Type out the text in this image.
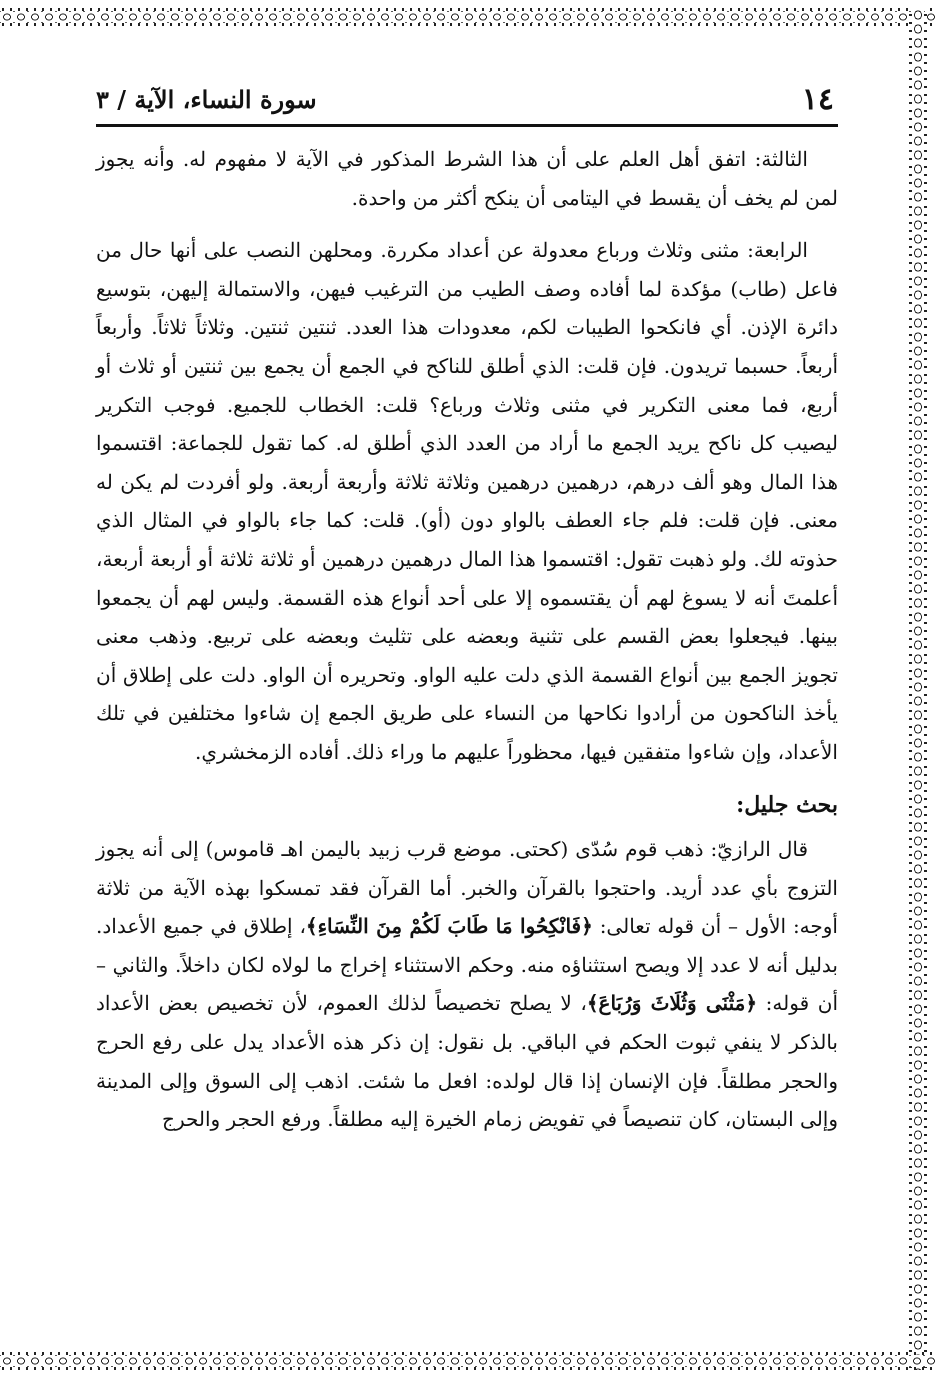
١٤
سورة النساء، الآية / ٣

الثالثة: اتفق أهل العلم على أن هذا الشرط المذكور في الآية لا مفهوم له. وأنه يجوز لمن لم يخف أن يقسط في اليتامى أن ينكح أكثر من واحدة.

الرابعة: مثنى وثلاث ورباع معدولة عن أعداد مكررة. ومحلهن النصب على أنها حال من فاعل (طاب) مؤكدة لما أفاده وصف الطيب من الترغيب فيهن، والاستمالة إليهن، بتوسيع دائرة الإذن. أي فانكحوا الطيبات لكم، معدودات هذا العدد. ثنتين ثنتين. وثلاثاً ثلاثاً. وأربعاً أربعاً. حسبما تريدون. فإن قلت: الذي أطلق للناكح في الجمع أن يجمع بين ثنتين أو ثلاث أو أربع، فما معنى التكرير في مثنى وثلاث ورباع؟ قلت: الخطاب للجميع. فوجب التكرير ليصيب كل ناكح يريد الجمع ما أراد من العدد الذي أطلق له. كما تقول للجماعة: اقتسموا هذا المال وهو ألف درهم، درهمين درهمين وثلاثة ثلاثة وأربعة أربعة. ولو أفردت لم يكن له معنى. فإن قلت: فلم جاء العطف بالواو دون (أو). قلت: كما جاء بالواو في المثال الذي حذوته لك. ولو ذهبت تقول: اقتسموا هذا المال درهمين درهمين أو ثلاثة ثلاثة أو أربعة أربعة، أعلمتَ أنه لا يسوغ لهم أن يقتسموه إلا على أحد أنواع هذه القسمة. وليس لهم أن يجمعوا بينها. فيجعلوا بعض القسم على تثنية وبعضه على تثليث وبعضه على تربيع. وذهب معنى تجويز الجمع بين أنواع القسمة الذي دلت عليه الواو. وتحريره أن الواو. دلت على إطلاق أن يأخذ الناكحون من أرادوا نكاحها من النساء على طريق الجمع إن شاءوا مختلفين في تلك الأعداد، وإن شاءوا متفقين فيها، محظوراً عليهم ما وراء ذلك. أفاده الزمخشري.

بحث جليل:

قال الرازيّ: ذهب قوم سُدّى (كحتى. موضع قرب زبيد باليمن اهـ قاموس) إلى أنه يجوز التزوج بأي عدد أريد. واحتجوا بالقرآن والخبر. أما القرآن فقد تمسكوا بهذه الآية من ثلاثة أوجه: الأول – أن قوله تعالى: ﴿فَانْكِحُوا مَا طَابَ لَكُمْ مِنَ النِّسَاءِ﴾، إطلاق في جميع الأعداد. بدليل أنه لا عدد إلا ويصح استثناؤه منه. وحكم الاستثناء إخراج ما لولاه لكان داخلاً. والثاني – أن قوله: ﴿مَثْنَى وَثُلَاثَ وَرُبَاعَ﴾، لا يصلح تخصيصاً لذلك العموم، لأن تخصيص بعض الأعداد بالذكر لا ينفي ثبوت الحكم في الباقي. بل نقول: إن ذكر هذه الأعداد يدل على رفع الحرج والحجر مطلقاً. فإن الإنسان إذا قال لولده: افعل ما شئت. اذهب إلى السوق وإلى المدينة وإلى البستان، كان تنصيصاً في تفويض زمام الخيرة إليه مطلقاً. ورفع الحجر والحرج
